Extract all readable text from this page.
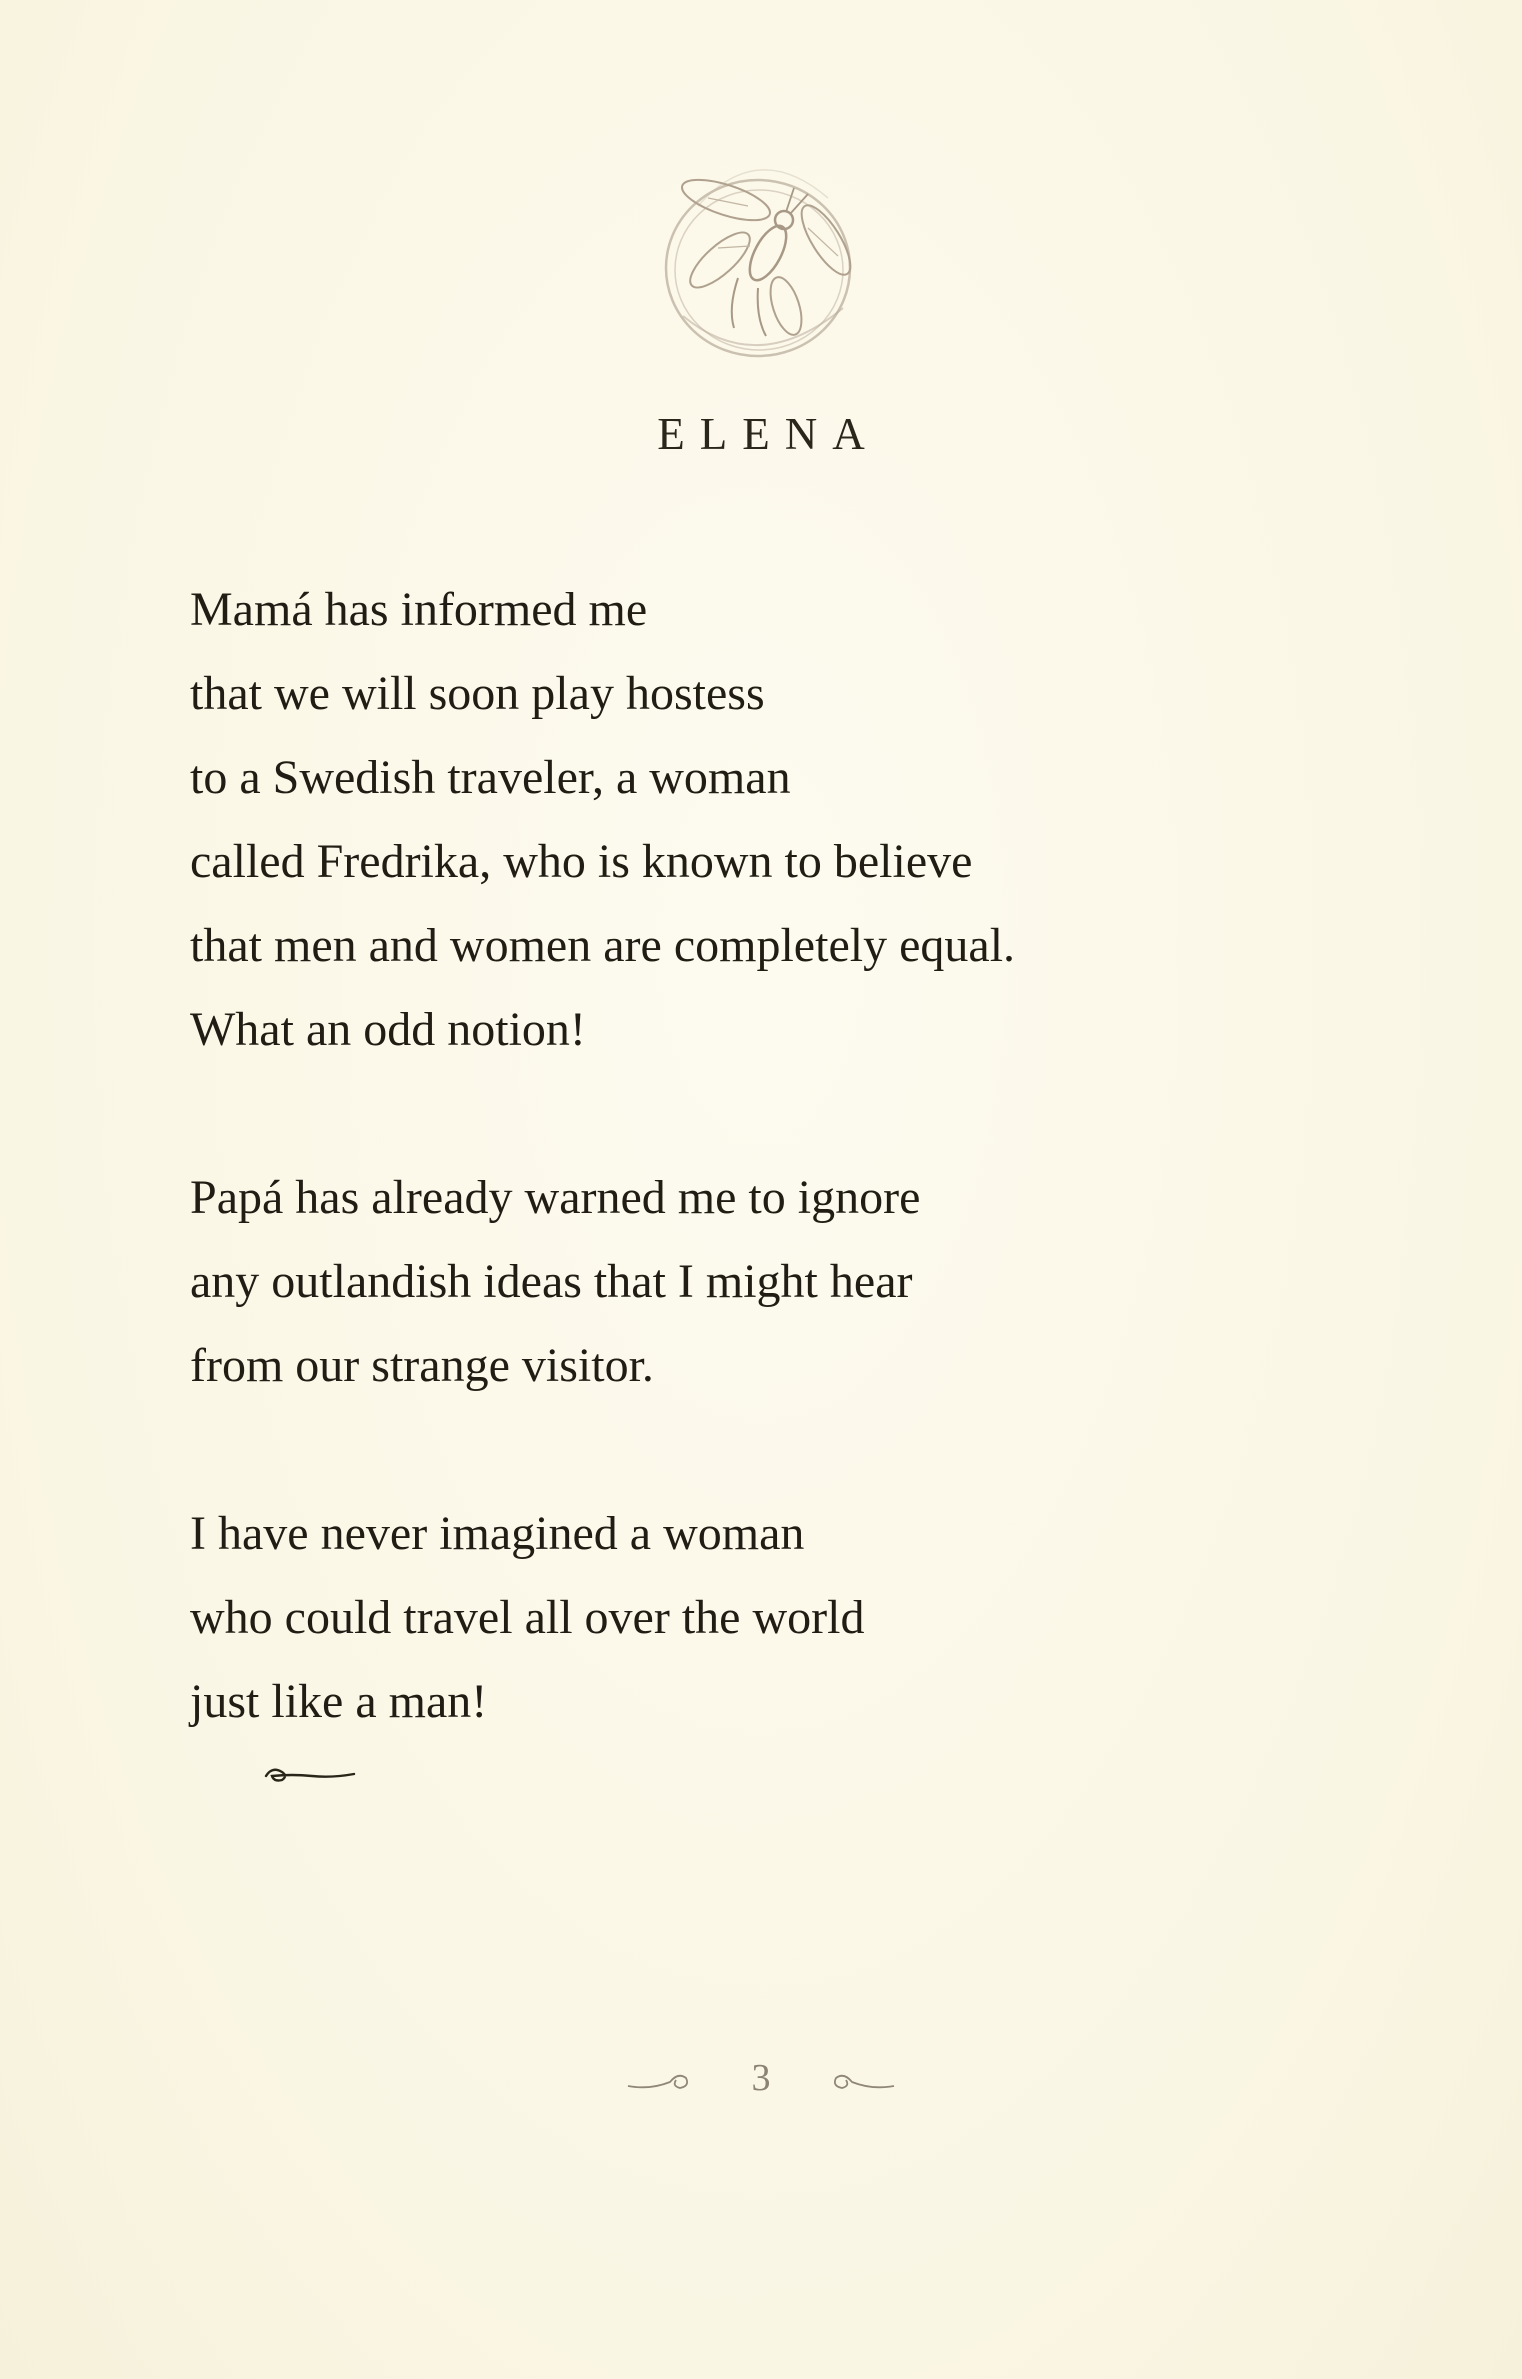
ELENA
Mamá has informed me
that we will soon play hostess
to a Swedish traveler, a woman
called Fredrika, who is known to believe
that men and women are completely equal.
What an odd notion!
Papá has already warned me to ignore
any outlandish ideas that I might hear
from our strange visitor.
I have never imagined a woman
who could travel all over the world
just like a man!
3
